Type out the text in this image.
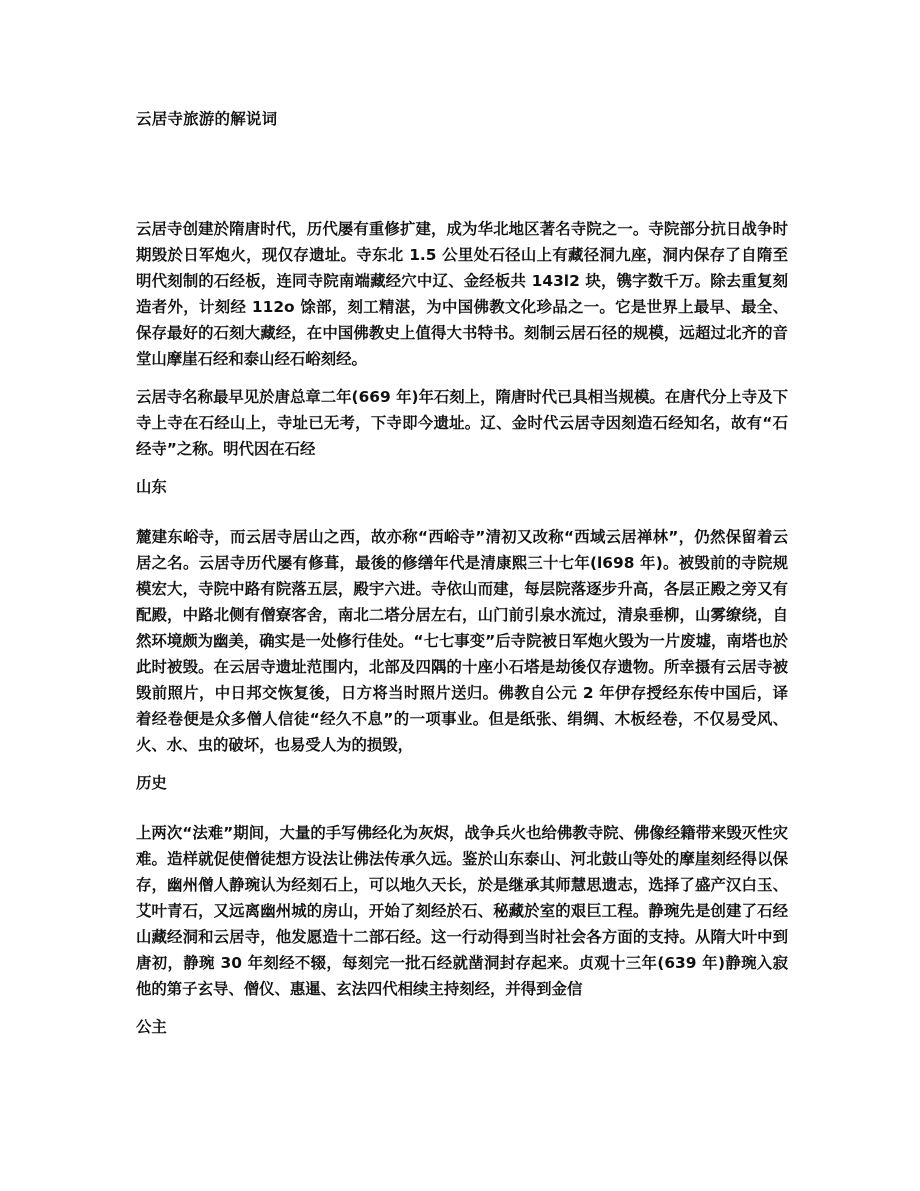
云居寺旅游的解说词

云居寺创建於隋唐时代，历代屡有重修扩建，成为华北地区著名寺院之一。寺院部分抗日战争时期毁於日军炮火，现仅存遗址。寺东北 1.5 公里处石径山上有藏径洞九座，洞内保存了自隋至明代刻制的石经板，连同寺院南端藏经穴中辽、金经板共 143l2 块，镌字数千万。除去重复刻造者外，计刻经 112o 馀部，刻工精湛，为中国佛教文化珍品之一。它是世界上最早、最全、保存最好的石刻大藏经，在中国佛教史上值得大书特书。刻制云居石径的规模，远超过北齐的音堂山摩崖石经和泰山经石峪刻经。

云居寺名称最早见於唐总章二年(669 年)年石刻上，隋唐时代已具相当规模。在唐代分上寺及下寺上寺在石经山上，寺址已无考，下寺即今遗址。辽、金时代云居寺因刻造石经知名，故有“石经寺”之称。明代因在石经

山东

麓建东峪寺，而云居寺居山之西，故亦称“西峪寺”清初又改称“西域云居禅林”，仍然保留着云居之名。云居寺历代屡有修葺，最後的修缮年代是清康熙三十七年(l698 年)。被毁前的寺院规模宏大，寺院中路有院落五层，殿宇六进。寺依山而建，每层院落逐步升高，各层正殿之旁又有配殿，中路北侧有僧寮客舍，南北二塔分居左右，山门前引泉水流过，清泉垂柳，山雾缭绕，自然环境颇为幽美，确实是一处修行佳处。“七七事变”后寺院被日军炮火毁为一片废墟，南塔也於此时被毁。在云居寺遗址范围内，北部及四隅的十座小石塔是劫後仅存遗物。所幸摄有云居寺被毁前照片，中日邦交恢复後，日方将当时照片送归。佛教自公元 2 年伊存授经东传中国后，译着经卷便是众多僧人信徒“经久不息”的一项事业。但是纸张、绢绸、木板经卷，不仅易受风、火、水、虫的破坏，也易受人为的损毁，

历史

上两次“法难”期间，大量的手写佛经化为灰烬，战争兵火也给佛教寺院、佛像经籍带来毁灭性灾难。造样就促使僧徒想方设法让佛法传承久远。鉴於山东泰山、河北鼓山等处的摩崖刻经得以保存，幽州僧人静琬认为经刻石上，可以地久天长，於是继承其师慧思遗志，选择了盛产汉白玉、艾叶青石，又远离幽州城的房山，开始了刻经於石、秘藏於室的艰巨工程。静琬先是创建了石经山藏经洞和云居寺，他发愿造十二部石经。这一行动得到当时社会各方面的支持。从隋大叶中到唐初，静琬 30 年刻经不辍，每刻完一批石经就凿洞封存起来。贞观十三年(639 年)静琬入寂他的第子玄导、僧仪、惠暹、玄法四代相续主持刻经，并得到金信

公主
